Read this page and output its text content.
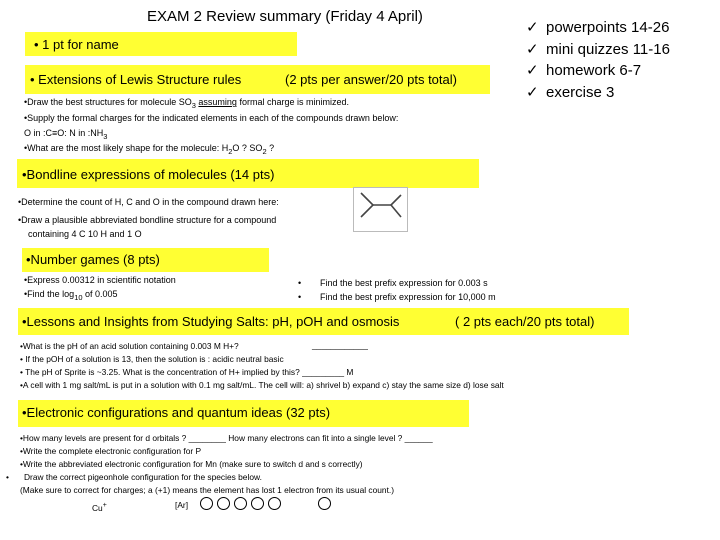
EXAM 2 Review summary (Friday 4 April)
✓ powerpoints 14-26
✓ mini quizzes 11-16
✓ homework 6-7
✓ exercise 3
• 1 pt for name
• Extensions of Lewis Structure rules	(2 pts per answer/20 pts total)
•Draw the best structures for molecule $SO_3$ assuming formal charge is minimized.
•Supply the formal charges for the indicated elements in each of the compounds drawn below:
O in :C≡O: N in $:NH_3$
•What are the most likely shape for the molecule: $H_2O$ ? $SO_2$ ?
•Bondline expressions of molecules (14 pts)
•Determine the count of H, C and O in the compound drawn here:
•Draw a plausible abbreviated bondline structure for a compound
containing 4 C 10 H and 1 O
•Number games (8 pts)
•Express 0.00312 in scientific notation
•Find the $\log_{10}$ of 0.005
• Find the best prefix expression for 0.003 s
• Find the best prefix expression for 10,000 m
•Lessons and Insights from Studying Salts: pH, pOH and osmosis	( 2 pts each/20 pts total)
•What is the pH of an acid solution containing 0.003 M H+?	____________
• If the pOH of a solution is 13, then the solution is : acidic neutral basic
• The pH of Sprite is ~3.25. What is the concentration of H+ implied by this? _________ M
•A cell with 1 mg salt/mL is put in a solution with 0.1 mg salt/mL. The cell will: a) shrivel b) expand c) stay the same size d) lose salt
•Electronic configurations and quantum ideas (32 pts)
•How many levels are present for d orbitals ? ________ How many electrons can fit into a single level ? ______
•Write the complete electronic configuration for P
•Write the abbreviated electronic configuration for Mn (make sure to switch d and s correctly)
• Draw the correct pigeonhole configuration for the species below.
(Make sure to correct for charges; a (+1) means the element has lost 1 electron from its usual count.)
Cu+	[Ar]
